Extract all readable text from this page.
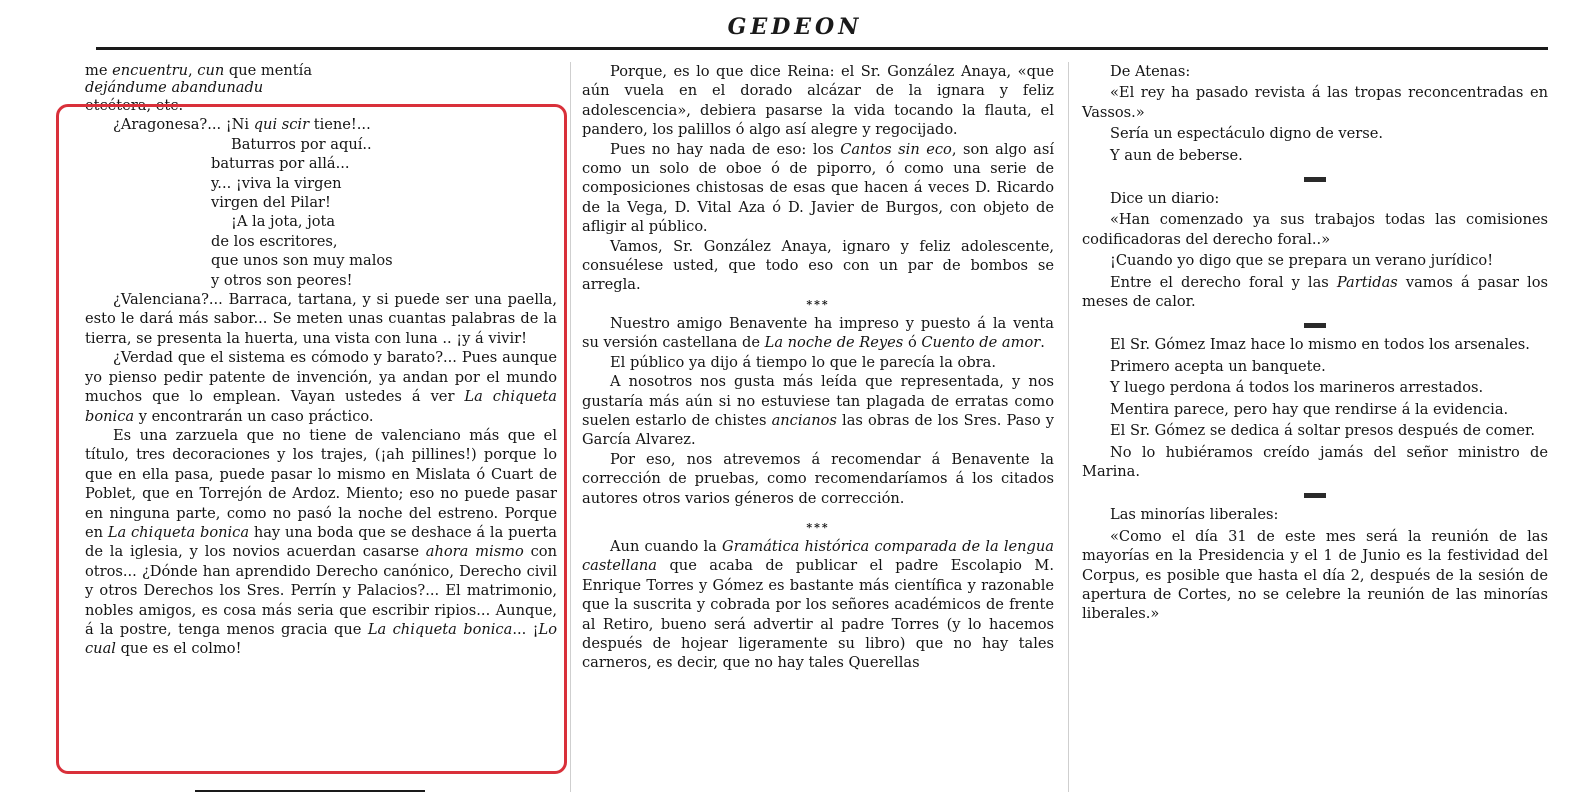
GEDEON

me encuentru, cun que mentía

dejándume abandunadu

etcétera, etc.

¿Aragonesa?... ¡Ni qui scir tiene!...

Baturros por aquí..

baturras por allá...

y... ¡viva la virgen

virgen del Pilar!

¡A la jota, jota

de los escritores,

que unos son muy malos

y otros son peores!

¿Valenciana?... Barraca, tartana, y si puede ser una paella, esto le dará más sabor... Se meten unas cuantas palabras de la tierra, se presenta la huerta, una vista con luna .. ¡y á vivir!

¿Verdad que el sistema es cómodo y barato?... Pues aunque yo pienso pedir patente de invención, ya andan por el mundo muchos que lo emplean. Vayan ustedes á ver La chiqueta bonica y encontrarán un caso práctico.

Es una zarzuela que no tiene de valenciano más que el título, tres decoraciones y los trajes, (¡ah pillines!) porque lo que en ella pasa, puede pasar lo mismo en Mislata ó Cuart de Poblet, que en Torrejón de Ardoz. Miento; eso no puede pasar en ninguna parte, como no pasó la noche del estreno. Porque en La chiqueta bonica hay una boda que se deshace á la puerta de la iglesia, y los novios acuerdan casarse ahora mismo con otros... ¿Dónde han aprendido Derecho canónico, Derecho civil y otros Derechos los Sres. Perrín y Palacios?... El matrimonio, nobles amigos, es cosa más seria que escribir ripios... Aunque, á la postre, tenga menos gracia que La chiqueta bonica... ¡Lo cual que es el colmo!

Porque, es lo que dice Reina: el Sr. González Anaya, «que aún vuela en el dorado alcázar de la ignara y feliz adolescencia», debiera pasarse la vida tocando la flauta, el pandero, los palillos ó algo así alegre y regocijado.

Pues no hay nada de eso: los Cantos sin eco, son algo así como un solo de oboe ó de piporro, ó como una serie de composiciones chistosas de esas que hacen á veces D. Ricardo de la Vega, D. Vital Aza ó D. Javier de Burgos, con objeto de afligir al público.

Vamos, Sr. González Anaya, ignaro y feliz adolescente, consuélese usted, que todo eso con un par de bombos se arregla.

***

Nuestro amigo Benavente ha impreso y puesto á la venta su versión castellana de La noche de Reyes ó Cuento de amor.

El público ya dijo á tiempo lo que le parecía la obra.

A nosotros nos gusta más leída que representada, y nos gustaría más aún si no estuviese tan plagada de erratas como suelen estarlo de chistes ancianos las obras de los Sres. Paso y García Alvarez.

Por eso, nos atrevemos á recomendar á Benavente la corrección de pruebas, como recomendaríamos á los citados autores otros varios géneros de corrección.

***

Aun cuando la Gramática histórica comparada de la lengua castellana que acaba de publicar el padre Escolapio M. Enrique Torres y Gómez es bastante más científica y razonable que la suscrita y cobrada por los señores académicos de frente al Retiro, bueno será advertir al padre Torres (y lo hacemos después de hojear ligeramente su libro) que no hay tales carneros, es decir, que no hay tales Querellas

De Atenas:

«El rey ha pasado revista á las tropas reconcentradas en Vassos.»

Sería un espectáculo digno de verse.

Y aun de beberse.

Dice un diario:

«Han comenzado ya sus trabajos todas las comisiones codificadoras del derecho foral..»

¡Cuando yo digo que se prepara un verano jurídico!

Entre el derecho foral y las Partidas vamos á pasar los meses de calor.

El Sr. Gómez Imaz hace lo mismo en todos los arsenales.

Primero acepta un banquete.

Y luego perdona á todos los marineros arrestados.

Mentira parece, pero hay que rendirse á la evidencia.

El Sr. Gómez se dedica á soltar presos después de comer.

No lo hubiéramos creído jamás del señor ministro de Marina.

Las minorías liberales:

«Como el día 31 de este mes será la reunión de las mayorías en la Presidencia y el 1 de Junio es la festividad del Corpus, es posible que hasta el día 2, después de la sesión de apertura de Cortes, no se celebre la reunión de las minorías liberales.»
